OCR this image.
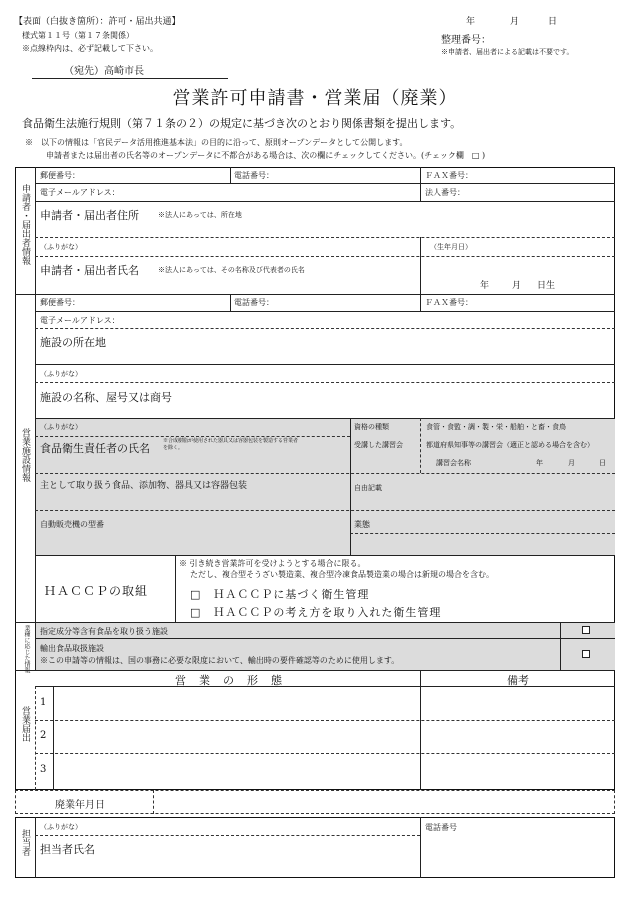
【表面（白抜き箇所）：許可・届出共通】
様式第１１号（第１７条関係）
※点線枠内は、必ず記載して下さい。
年	月	日
整理番号：
※申請者、届出者による記載は不要です。
（宛先）高崎市長
営業許可申請書・営業届（廃業）
食品衛生法施行規則（第７１条の２）の規定に基づき次のとおり関係書類を提出します。
※　以下の情報は「官民データ活用推進基本法」の目的に沿って、原則オープンデータとして公開します。
申請者または届出者の氏名等のオープンデータに不都合がある場合は、次の欄にチェックしてください。(チェック欄　□ )
申請者・届出者情報
郵便番号：	電話番号：	ＦＡＸ番号：
電子メールアドレス：	法人番号：
申請者・届出者住所	※法人にあっては、所在地
（ふりがな）	（生年月日）
申請者・届出者氏名	※法人にあっては、その名称及び代表者の氏名
年	月 日生
営業施設情報
郵便番号：	電話番号：	ＦＡＸ番号：
電子メールアドレス：
施設の所在地
（ふりがな）
施設の名称、屋号又は商号
（ふりがな）
食品衛生責任者の氏名
※合成樹脂が使用された器具又は容器包装を製造する営業者
を除く。
資格の種類	食管・食監・調・製・栄・船舶・と畜・食鳥
受講した講習会	都道府県知事等の講習会（適正と認める場合を含む）
講習会名称	年	月	日
主として取り扱う食品、添加物、器具又は容器包装	自由記載
自動販売機の型番	業態
ＨＡＣＣＰの取組
※ 引き続き営業許可を受けようとする場合に限る。
ただし、複合型そうざい製造業、複合型冷凍食品製造業の場合は新規の場合を含む。
□　ＨＡＣＣＰに基づく衛生管理
□　ＨＡＣＣＰの考え方を取り入れた衛生管理
業種に応じた情報 指定成分等含有食品を取り扱う施設
輸出食品取扱施設
※この申請等の情報は、国の事務に必要な限度において、輸出時の要件確認等のために使用します。
営業届出
営　業　の　形　態	備考
1
2
3
廃業年月日
担当者
（ふりがな）	電話番号
担当者氏名
